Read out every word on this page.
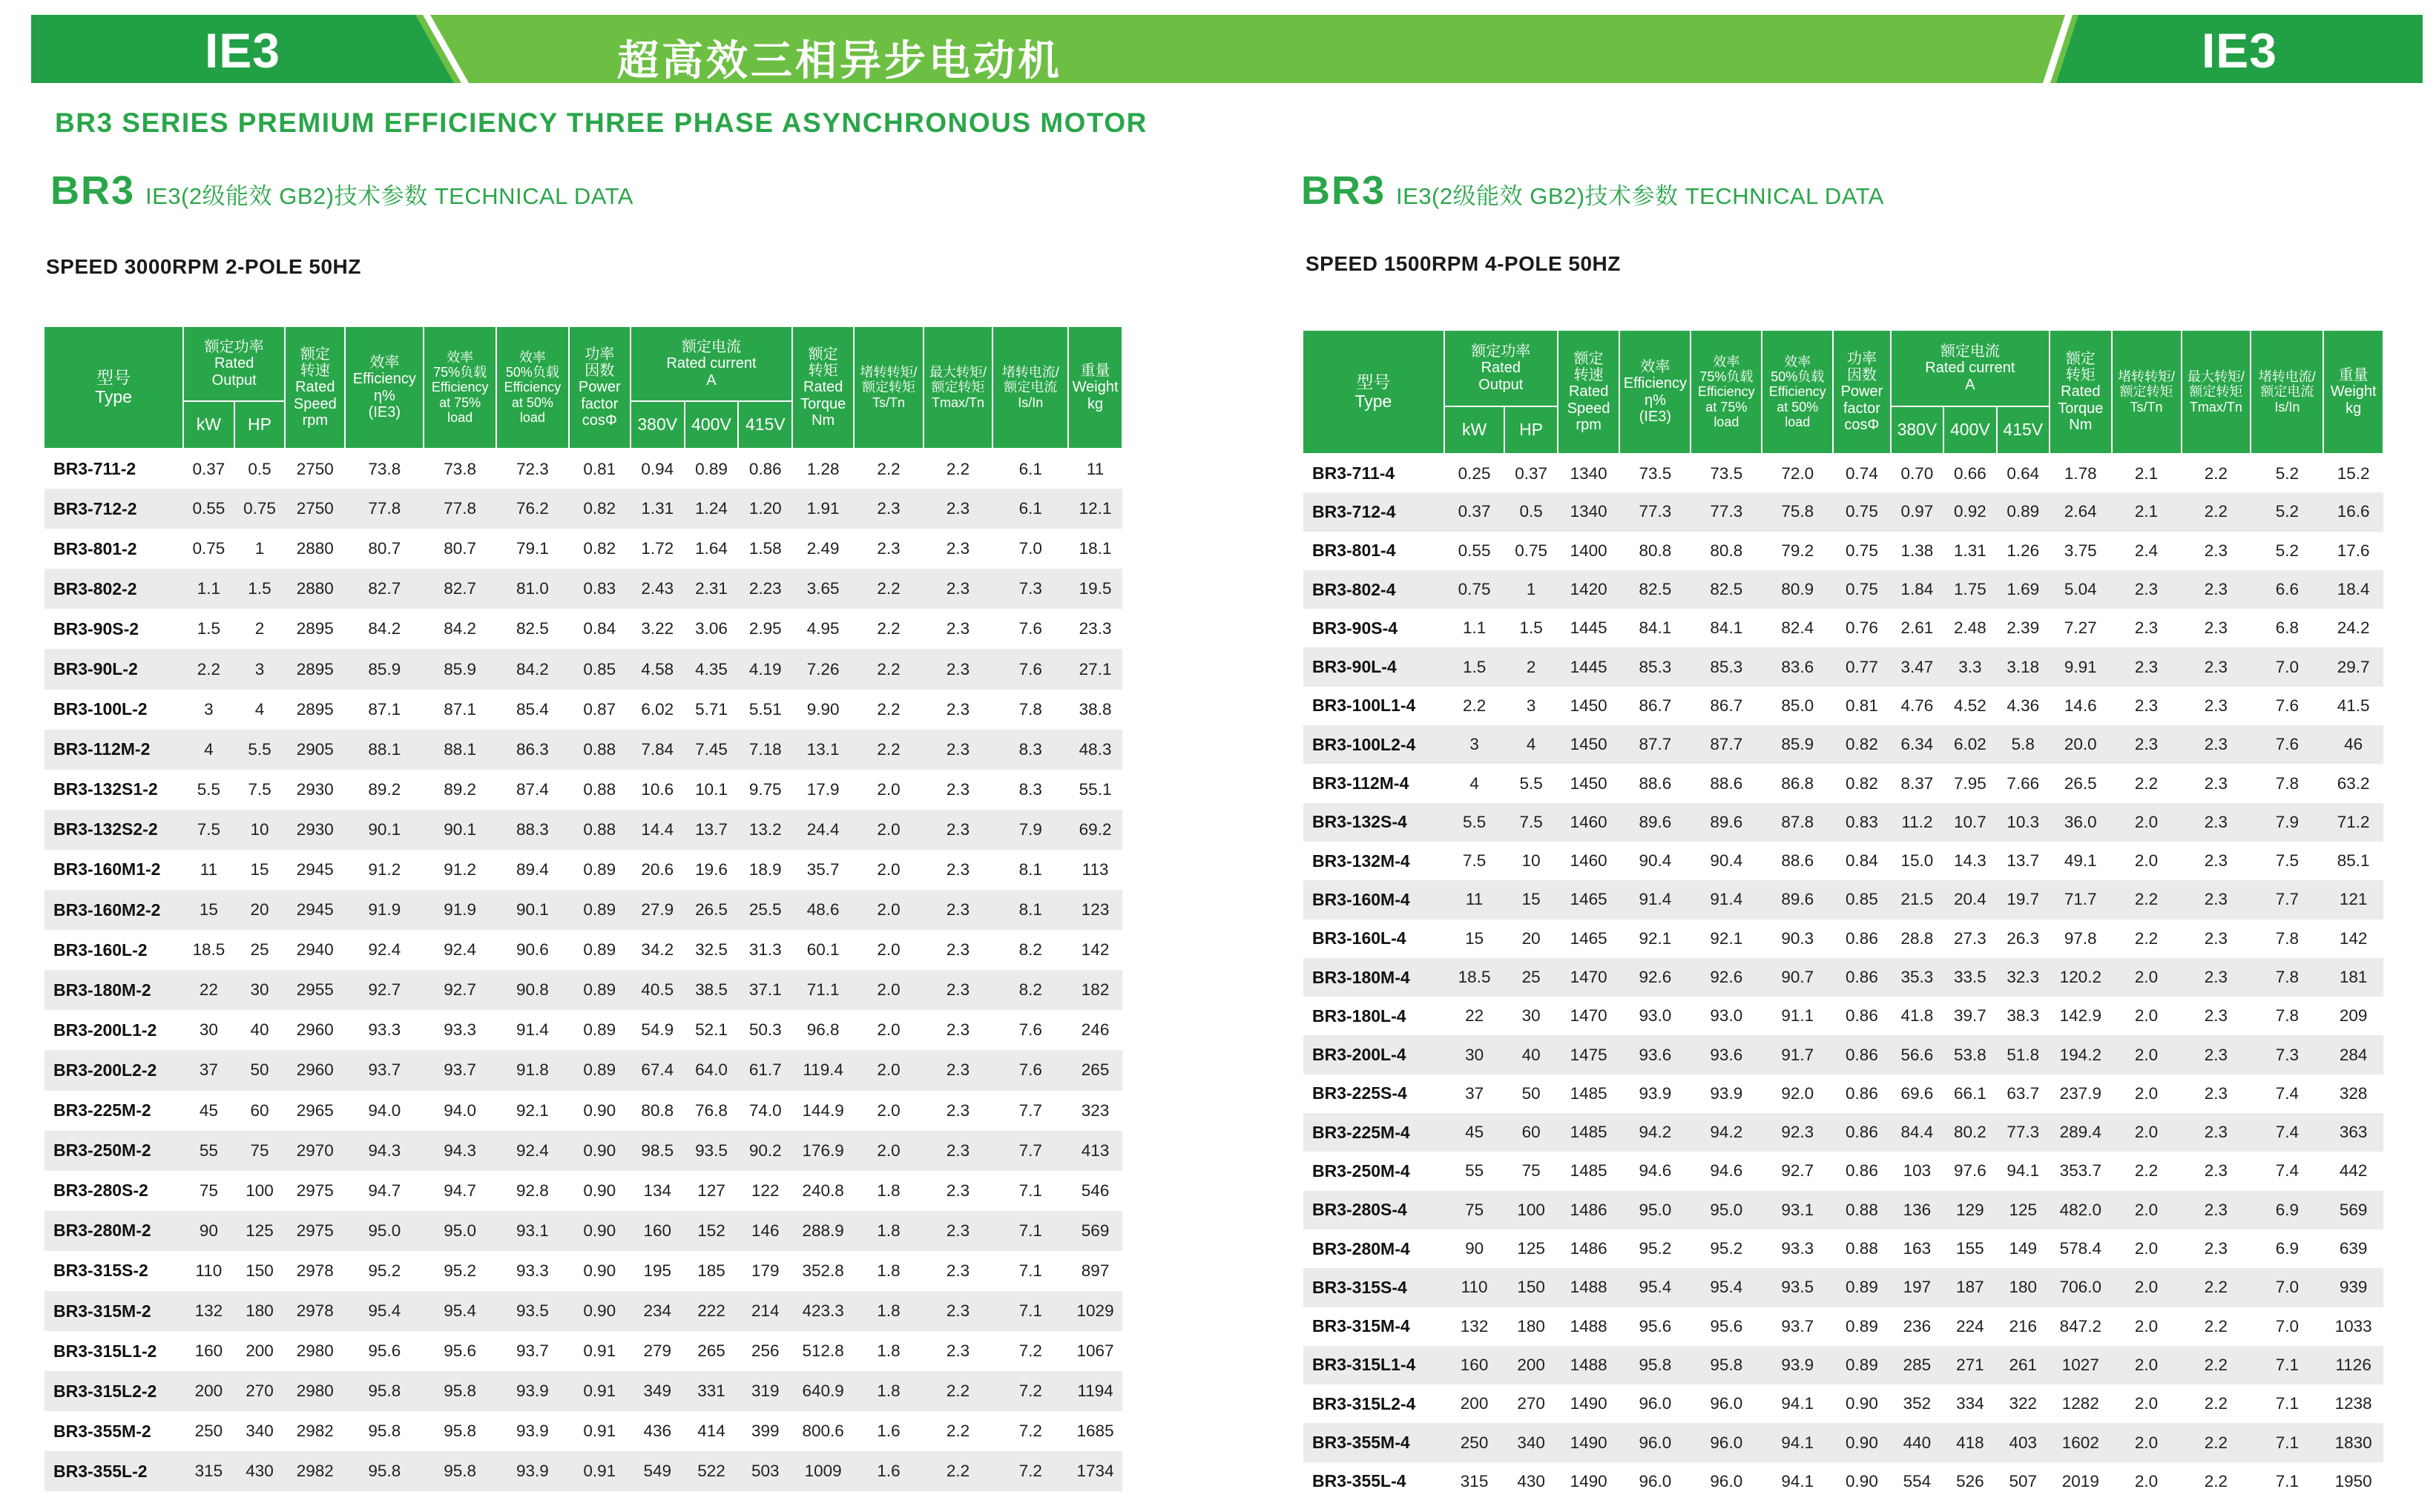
IE3	超高效三相异步电动机	IE3
BR3 SERIES PREMIUM EFFICIENCY THREE PHASE ASYNCHRONOUS MOTOR
BR3 IE3(2级能效 GB2)技术参数 TECHNICAL DATA
SPEED 3000RPM 2-POLE 50HZ
型号
Type	额定功率
Rated
Output		额定
转速
Rated
Speed
rpm	效率
Efficiency
η%
(IE3)	效率
75%负载
Efficiency
at 75%
load	效率
50%负载
Efficiency
at 50%
load	功率
因数
Power
factor
cosΦ	额定电流
Rated current
A			额定
转矩
Rated
Torque
Nm	堵转转矩/
额定转矩
Ts/Tn	最大转矩/
额定转矩
Tmax/Tn	堵转电流/
额定电流
Is/In	重量
Weight
kg
	kW	HP						380V	400V	415V					
BR3-711-2	0.37	0.5	2750	73.8	73.8	72.3	0.81	0.94	0.89	0.86	1.28	2.2	2.2	6.1	11
BR3-712-2	0.55	0.75	2750	77.8	77.8	76.2	0.82	1.31	1.24	1.20	1.91	2.3	2.3	6.1	12.1
BR3-801-2	0.75	1	2880	80.7	80.7	79.1	0.82	1.72	1.64	1.58	2.49	2.3	2.3	7.0	18.1
BR3-802-2	1.1	1.5	2880	82.7	82.7	81.0	0.83	2.43	2.31	2.23	3.65	2.2	2.3	7.3	19.5
BR3-90S-2	1.5	2	2895	84.2	84.2	82.5	0.84	3.22	3.06	2.95	4.95	2.2	2.3	7.6	23.3
BR3-90L-2	2.2	3	2895	85.9	85.9	84.2	0.85	4.58	4.35	4.19	7.26	2.2	2.3	7.6	27.1
BR3-100L-2	3	4	2895	87.1	87.1	85.4	0.87	6.02	5.71	5.51	9.90	2.2	2.3	7.8	38.8
BR3-112M-2	4	5.5	2905	88.1	88.1	86.3	0.88	7.84	7.45	7.18	13.1	2.2	2.3	8.3	48.3
BR3-132S1-2	5.5	7.5	2930	89.2	89.2	87.4	0.88	10.6	10.1	9.75	17.9	2.0	2.3	8.3	55.1
BR3-132S2-2	7.5	10	2930	90.1	90.1	88.3	0.88	14.4	13.7	13.2	24.4	2.0	2.3	7.9	69.2
BR3-160M1-2	11	15	2945	91.2	91.2	89.4	0.89	20.6	19.6	18.9	35.7	2.0	2.3	8.1	113
BR3-160M2-2	15	20	2945	91.9	91.9	90.1	0.89	27.9	26.5	25.5	48.6	2.0	2.3	8.1	123
BR3-160L-2	18.5	25	2940	92.4	92.4	90.6	0.89	34.2	32.5	31.3	60.1	2.0	2.3	8.2	142
BR3-180M-2	22	30	2955	92.7	92.7	90.8	0.89	40.5	38.5	37.1	71.1	2.0	2.3	8.2	182
BR3-200L1-2	30	40	2960	93.3	93.3	91.4	0.89	54.9	52.1	50.3	96.8	2.0	2.3	7.6	246
BR3-200L2-2	37	50	2960	93.7	93.7	91.8	0.89	67.4	64.0	61.7	119.4	2.0	2.3	7.6	265
BR3-225M-2	45	60	2965	94.0	94.0	92.1	0.90	80.8	76.8	74.0	144.9	2.0	2.3	7.7	323
BR3-250M-2	55	75	2970	94.3	94.3	92.4	0.90	98.5	93.5	90.2	176.9	2.0	2.3	7.7	413
BR3-280S-2	75	100	2975	94.7	94.7	92.8	0.90	134	127	122	240.8	1.8	2.3	7.1	546
BR3-280M-2	90	125	2975	95.0	95.0	93.1	0.90	160	152	146	288.9	1.8	2.3	7.1	569
BR3-315S-2	110	150	2978	95.2	95.2	93.3	0.90	195	185	179	352.8	1.8	2.3	7.1	897
BR3-315M-2	132	180	2978	95.4	95.4	93.5	0.90	234	222	214	423.3	1.8	2.3	7.1	1029
BR3-315L1-2	160	200	2980	95.6	95.6	93.7	0.91	279	265	256	512.8	1.8	2.3	7.2	1067
BR3-315L2-2	200	270	2980	95.8	95.8	93.9	0.91	349	331	319	640.9	1.8	2.2	7.2	1194
BR3-355M-2	250	340	2982	95.8	95.8	93.9	0.91	436	414	399	800.6	1.6	2.2	7.2	1685
BR3-355L-2	315	430	2982	95.8	95.8	93.9	0.91	549	522	503	1009	1.6	2.2	7.2	1734
BR3 IE3(2级能效 GB2)技术参数 TECHNICAL DATA
SPEED 1500RPM 4-POLE 50HZ
型号
Type	额定功率
Rated
Output		额定
转速
Rated
Speed
rpm	效率
Efficiency
η%
(IE3)	效率
75%负载
Efficiency
at 75%
load	效率
50%负载
Efficiency
at 50%
load	功率
因数
Power
factor
cosΦ	额定电流
Rated current
A			额定
转矩
Rated
Torque
Nm	堵转转矩/
额定转矩
Ts/Tn	最大转矩/
额定转矩
Tmax/Tn	堵转电流/
额定电流
Is/In	重量
Weight
kg
	kW	HP						380V	400V	415V					
BR3-711-4	0.25	0.37	1340	73.5	73.5	72.0	0.74	0.70	0.66	0.64	1.78	2.1	2.2	5.2	15.2
BR3-712-4	0.37	0.5	1340	77.3	77.3	75.8	0.75	0.97	0.92	0.89	2.64	2.1	2.2	5.2	16.6
BR3-801-4	0.55	0.75	1400	80.8	80.8	79.2	0.75	1.38	1.31	1.26	3.75	2.4	2.3	5.2	17.6
BR3-802-4	0.75	1	1420	82.5	82.5	80.9	0.75	1.84	1.75	1.69	5.04	2.3	2.3	6.6	18.4
BR3-90S-4	1.1	1.5	1445	84.1	84.1	82.4	0.76	2.61	2.48	2.39	7.27	2.3	2.3	6.8	24.2
BR3-90L-4	1.5	2	1445	85.3	85.3	83.6	0.77	3.47	3.3	3.18	9.91	2.3	2.3	7.0	29.7
BR3-100L1-4	2.2	3	1450	86.7	86.7	85.0	0.81	4.76	4.52	4.36	14.6	2.3	2.3	7.6	41.5
BR3-100L2-4	3	4	1450	87.7	87.7	85.9	0.82	6.34	6.02	5.8	20.0	2.3	2.3	7.6	46
BR3-112M-4	4	5.5	1450	88.6	88.6	86.8	0.82	8.37	7.95	7.66	26.5	2.2	2.3	7.8	63.2
BR3-132S-4	5.5	7.5	1460	89.6	89.6	87.8	0.83	11.2	10.7	10.3	36.0	2.0	2.3	7.9	71.2
BR3-132M-4	7.5	10	1460	90.4	90.4	88.6	0.84	15.0	14.3	13.7	49.1	2.0	2.3	7.5	85.1
BR3-160M-4	11	15	1465	91.4	91.4	89.6	0.85	21.5	20.4	19.7	71.7	2.2	2.3	7.7	121
BR3-160L-4	15	20	1465	92.1	92.1	90.3	0.86	28.8	27.3	26.3	97.8	2.2	2.3	7.8	142
BR3-180M-4	18.5	25	1470	92.6	92.6	90.7	0.86	35.3	33.5	32.3	120.2	2.0	2.3	7.8	181
BR3-180L-4	22	30	1470	93.0	93.0	91.1	0.86	41.8	39.7	38.3	142.9	2.0	2.3	7.8	209
BR3-200L-4	30	40	1475	93.6	93.6	91.7	0.86	56.6	53.8	51.8	194.2	2.0	2.3	7.3	284
BR3-225S-4	37	50	1485	93.9	93.9	92.0	0.86	69.6	66.1	63.7	237.9	2.0	2.3	7.4	328
BR3-225M-4	45	60	1485	94.2	94.2	92.3	0.86	84.4	80.2	77.3	289.4	2.0	2.3	7.4	363
BR3-250M-4	55	75	1485	94.6	94.6	92.7	0.86	103	97.6	94.1	353.7	2.2	2.3	7.4	442
BR3-280S-4	75	100	1486	95.0	95.0	93.1	0.88	136	129	125	482.0	2.0	2.3	6.9	569
BR3-280M-4	90	125	1486	95.2	95.2	93.3	0.88	163	155	149	578.4	2.0	2.3	6.9	639
BR3-315S-4	110	150	1488	95.4	95.4	93.5	0.89	197	187	180	706.0	2.0	2.2	7.0	939
BR3-315M-4	132	180	1488	95.6	95.6	93.7	0.89	236	224	216	847.2	2.0	2.2	7.0	1033
BR3-315L1-4	160	200	1488	95.8	95.8	93.9	0.89	285	271	261	1027	2.0	2.2	7.1	1126
BR3-315L2-4	200	270	1490	96.0	96.0	94.1	0.90	352	334	322	1282	2.0	2.2	7.1	1238
BR3-355M-4	250	340	1490	96.0	96.0	94.1	0.90	440	418	403	1602	2.0	2.2	7.1	1830
BR3-355L-4	315	430	1490	96.0	96.0	94.1	0.90	554	526	507	2019	2.0	2.2	7.1	1950
